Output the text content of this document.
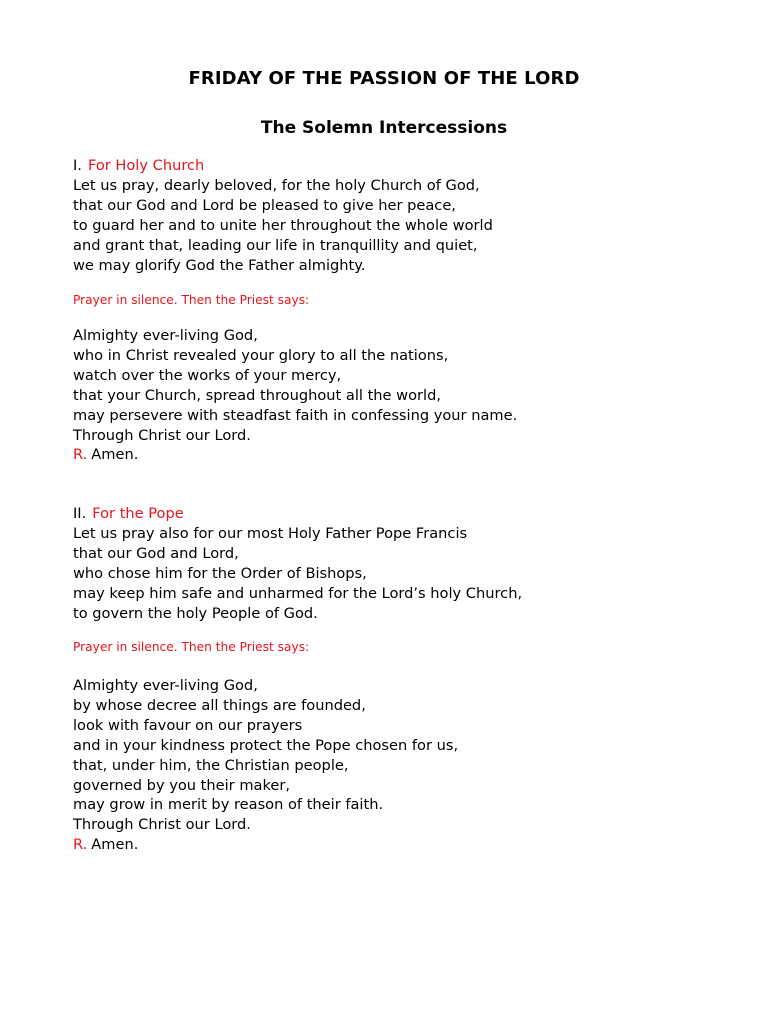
FRIDAY OF THE PASSION OF THE LORD
The Solemn Intercessions
I. For Holy Church
Let us pray, dearly beloved, for the holy Church of God,
that our God and Lord be pleased to give her peace,
to guard her and to unite her throughout the whole world
and grant that, leading our life in tranquillity and quiet,
we may glorify God the Father almighty.
Prayer in silence. Then the Priest says:
Almighty ever-living God,
who in Christ revealed your glory to all the nations,
watch over the works of your mercy,
that your Church, spread throughout all the world,
may persevere with steadfast faith in confessing your name.
Through Christ our Lord.
R. Amen.
II. For the Pope
Let us pray also for our most Holy Father Pope Francis
that our God and Lord,
who chose him for the Order of Bishops,
may keep him safe and unharmed for the Lord’s holy Church,
to govern the holy People of God.
Prayer in silence. Then the Priest says:
Almighty ever-living God,
by whose decree all things are founded,
look with favour on our prayers
and in your kindness protect the Pope chosen for us,
that, under him, the Christian people,
governed by you their maker,
may grow in merit by reason of their faith.
Through Christ our Lord.
R. Amen.
